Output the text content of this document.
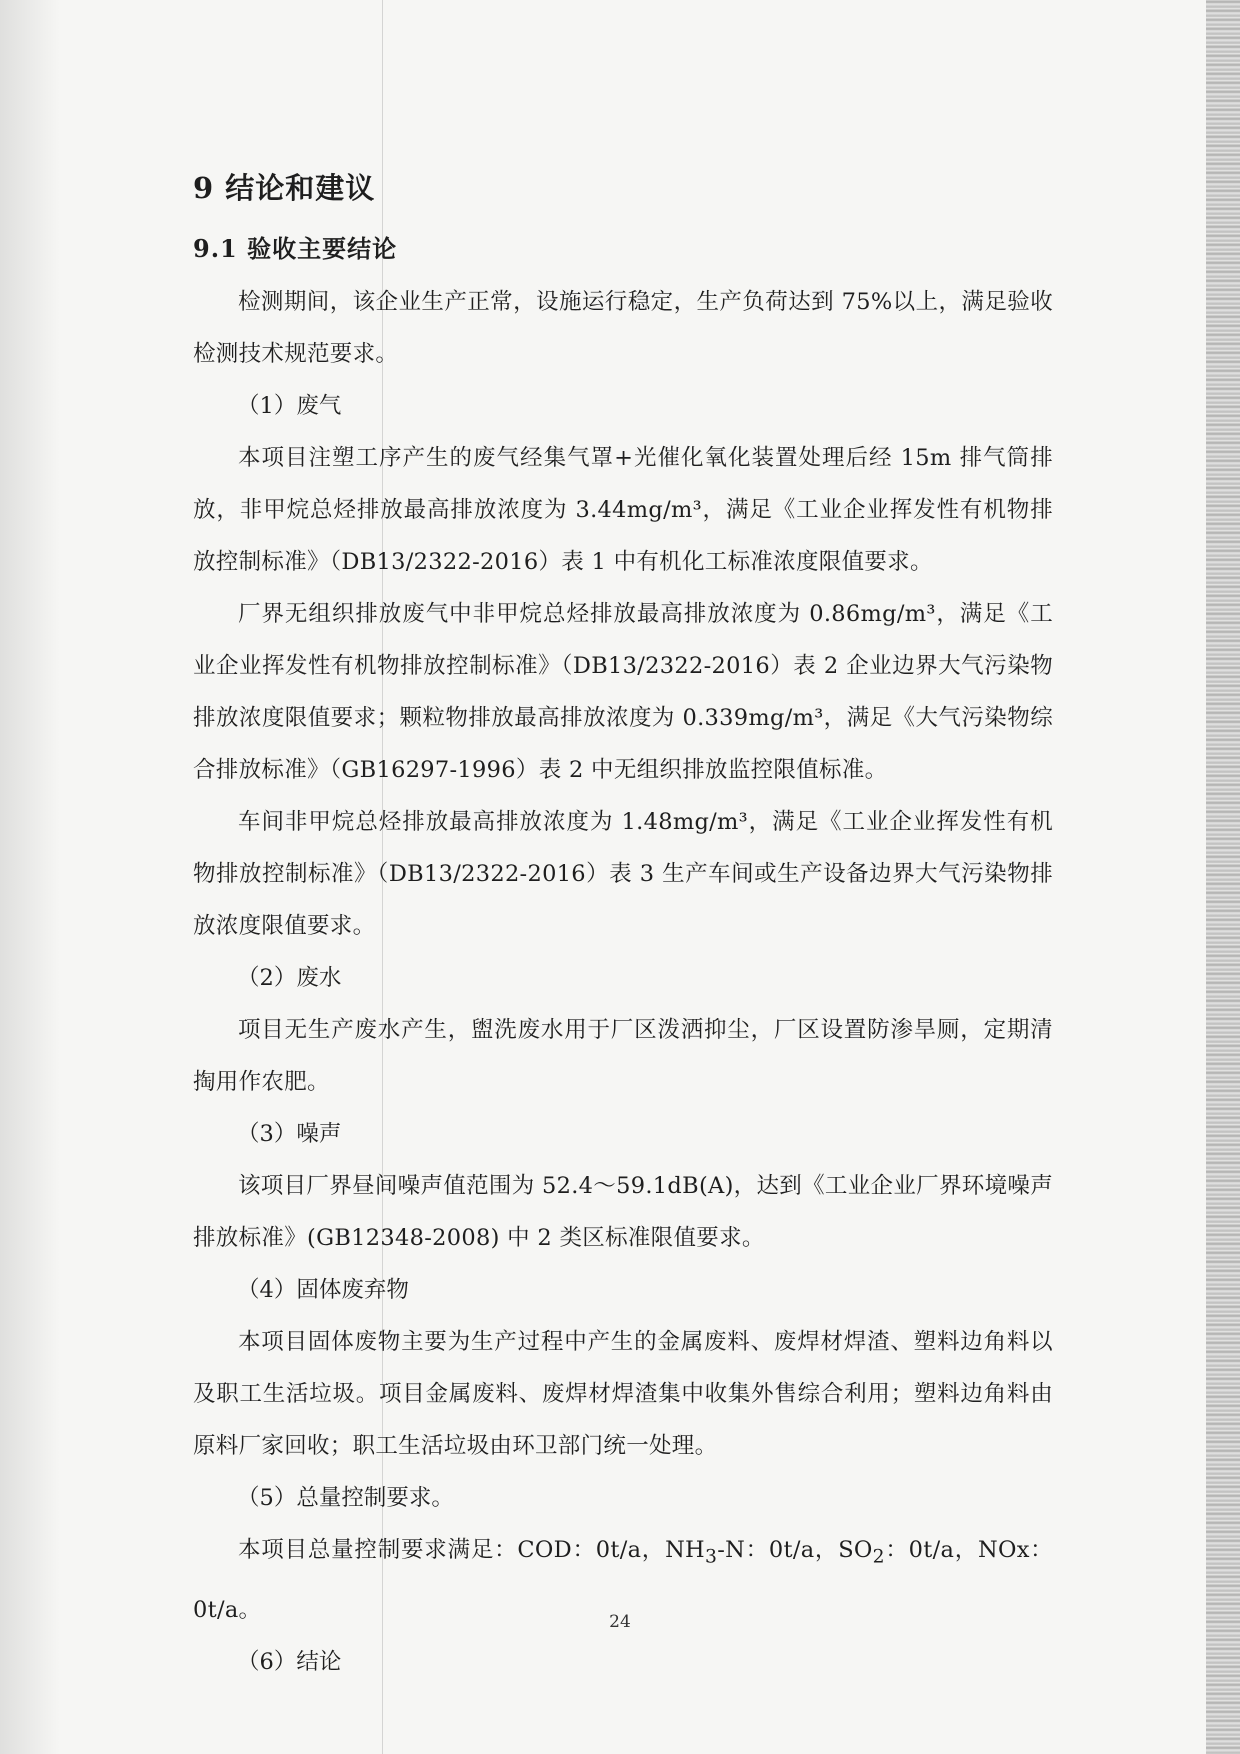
9 结论和建议
9.1 验收主要结论

检测期间，该企业生产正常，设施运行稳定，生产负荷达到 75%以上，满足验收检测技术规范要求。

（1）废气

本项目注塑工序产生的废气经集气罩+光催化氧化装置处理后经 15m 排气筒排放，非甲烷总烃排放最高排放浓度为 3.44mg/m³，满足《工业企业挥发性有机物排放控制标准》（DB13/2322-2016）表 1 中有机化工标准浓度限值要求。

厂界无组织排放废气中非甲烷总烃排放最高排放浓度为 0.86mg/m³，满足《工业企业挥发性有机物排放控制标准》（DB13/2322-2016）表 2 企业边界大气污染物排放浓度限值要求；颗粒物排放最高排放浓度为 0.339mg/m³，满足《大气污染物综合排放标准》（GB16297-1996）表 2 中无组织排放监控限值标准。

车间非甲烷总烃排放最高排放浓度为 1.48mg/m³，满足《工业企业挥发性有机物排放控制标准》（DB13/2322-2016）表 3 生产车间或生产设备边界大气污染物排放浓度限值要求。

（2）废水

项目无生产废水产生，盥洗废水用于厂区泼洒抑尘，厂区设置防渗旱厕，定期清掏用作农肥。

（3）噪声

该项目厂界昼间噪声值范围为 52.4～59.1dB(A)，达到《工业企业厂界环境噪声排放标准》(GB12348-2008) 中 2 类区标准限值要求。

（4）固体废弃物

本项目固体废物主要为生产过程中产生的金属废料、废焊材焊渣、塑料边角料以及职工生活垃圾。项目金属废料、废焊材焊渣集中收集外售综合利用；塑料边角料由原料厂家回收；职工生活垃圾由环卫部门统一处理。

（5）总量控制要求。

本项目总量控制要求满足：COD：0t/a，$NH_3-N$：0t/a，$SO_2$：0t/a，NOx：0t/a。

（6）结论

24
